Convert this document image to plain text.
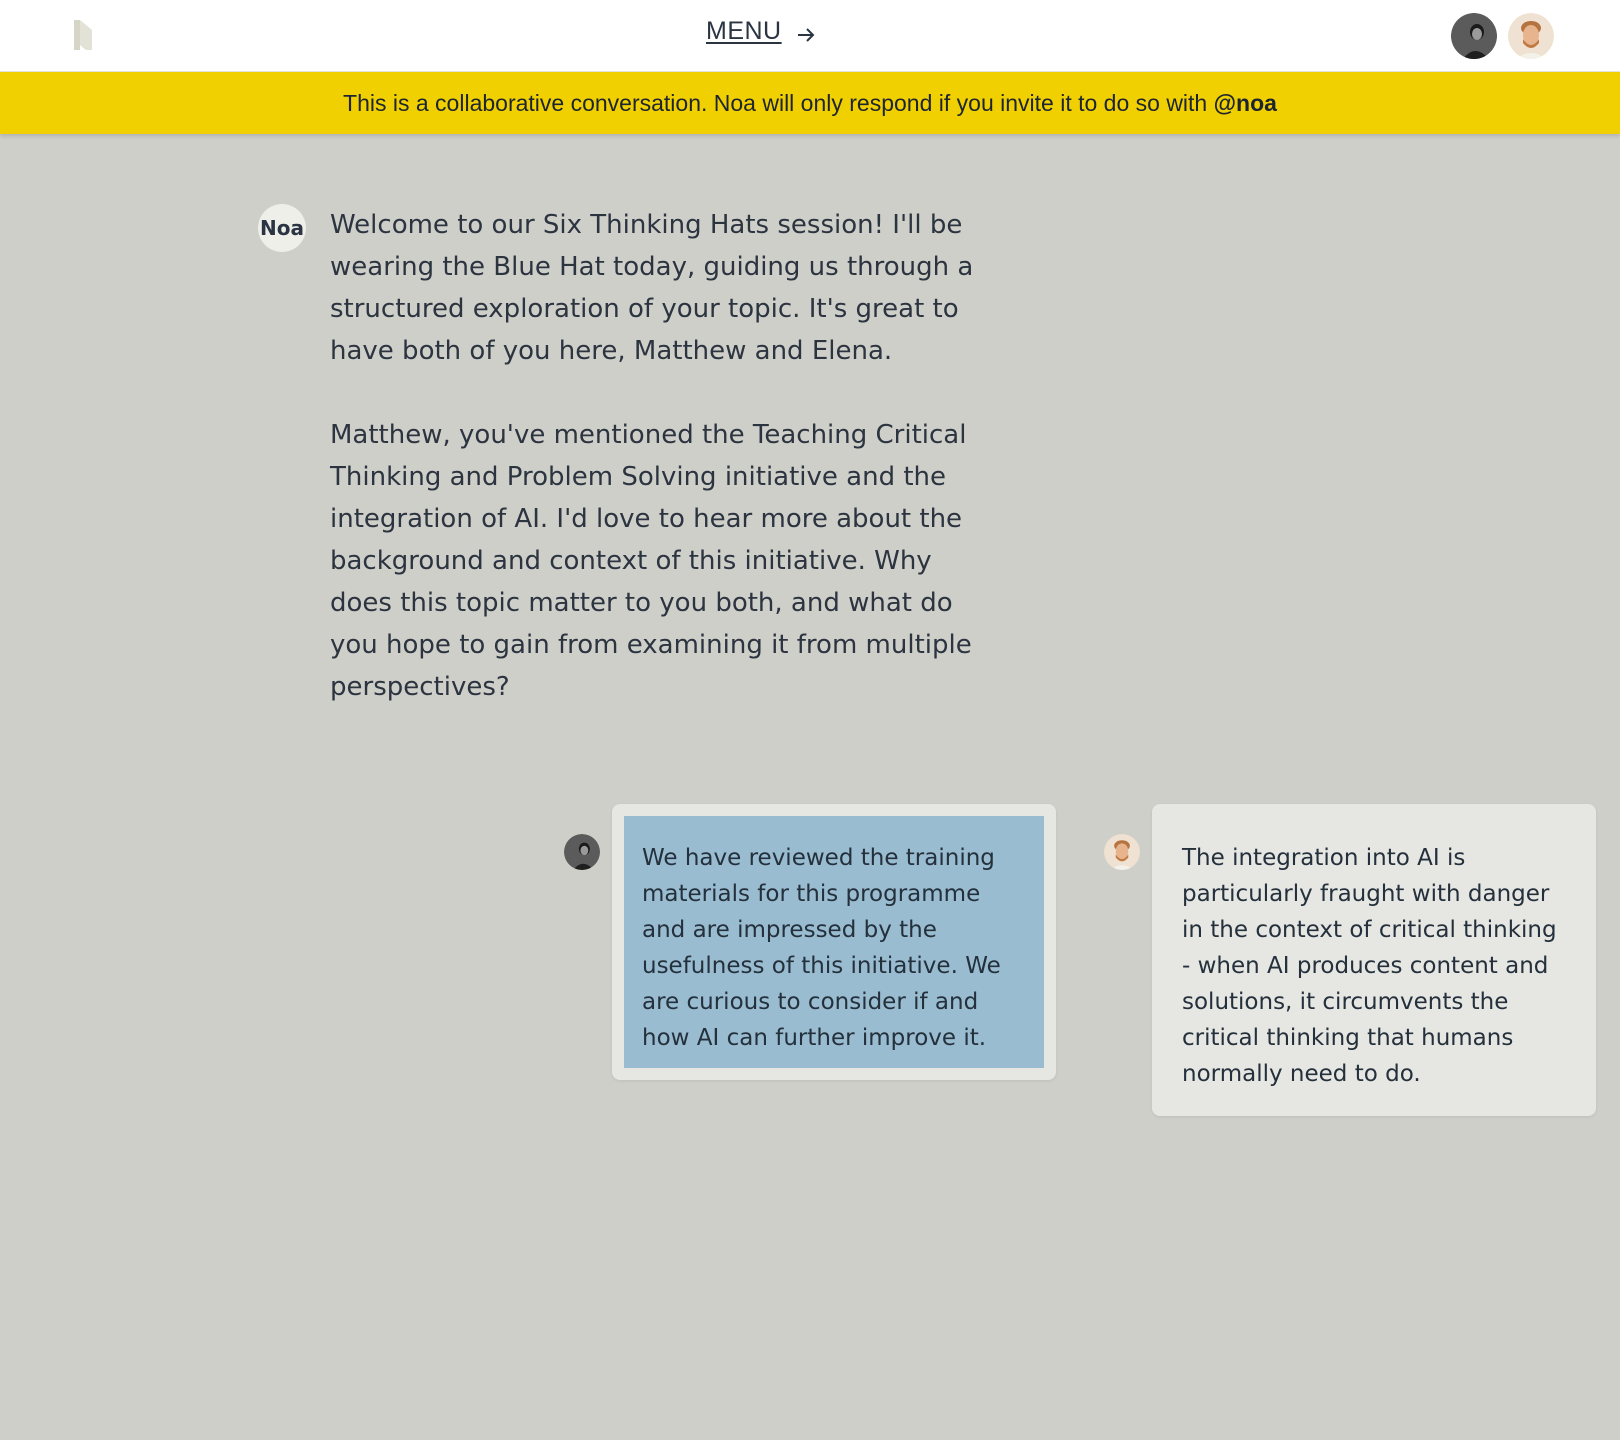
MENU
This is a collaborative conversation. Noa will only respond if you invite it to do so with @noa
Noa Welcome to our Six Thinking Hats session! I'll be wearing the Blue Hat today, guiding us through a structured exploration of your topic. It's great to have both of you here, Matthew and Elena.

Matthew, you've mentioned the Teaching Critical Thinking and Problem Solving initiative and the integration of AI. I'd love to hear more about the background and context of this initiative. Why does this topic matter to you both, and what do you hope to gain from examining it from multiple perspectives?

We have reviewed the training materials for this programme and are impressed by the usefulness of this initiative. We are curious to consider if and how AI can further improve it.
The integration into AI is particularly fraught with danger in the context of critical thinking - when AI produces content and solutions, it circumvents the critical thinking that humans normally need to do.
